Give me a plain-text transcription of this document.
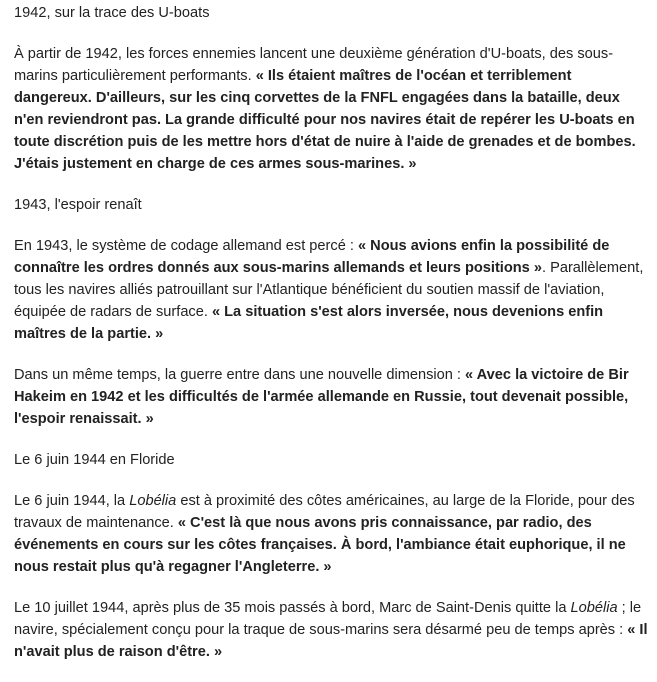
1942, sur la trace des U-boats

À partir de 1942, les forces ennemies lancent une deuxième génération d'U-boats, des sous-marins particulièrement performants. « Ils étaient maîtres de l'océan et terriblement dangereux. D'ailleurs, sur les cinq corvettes de la FNFL engagées dans la bataille, deux n'en reviendront pas. La grande difficulté pour nos navires était de repérer les U-boats en toute discrétion puis de les mettre hors d'état de nuire à l'aide de grenades et de bombes. J'étais justement en charge de ces armes sous-marines. »

1943, l'espoir renaît

En 1943, le système de codage allemand est percé : « Nous avions enfin la possibilité de connaître les ordres donnés aux sous-marins allemands et leurs positions ». Parallèlement, tous les navires alliés patrouillant sur l'Atlantique bénéficient du soutien massif de l'aviation, équipée de radars de surface. « La situation s'est alors inversée, nous devenions enfin maîtres de la partie. »

Dans un même temps, la guerre entre dans une nouvelle dimension : « Avec la victoire de Bir Hakeim en 1942 et les difficultés de l'armée allemande en Russie, tout devenait possible, l'espoir renaissait. »

Le 6 juin 1944 en Floride

Le 6 juin 1944, la Lobélia est à proximité des côtes américaines, au large de la Floride, pour des travaux de maintenance. « C'est là que nous avons pris connaissance, par radio, des événements en cours sur les côtes françaises. À bord, l'ambiance était euphorique, il ne nous restait plus qu'à regagner l'Angleterre. »

Le 10 juillet 1944, après plus de 35 mois passés à bord, Marc de Saint-Denis quitte la Lobélia ; le navire, spécialement conçu pour la traque de sous-marins sera désarmé peu de temps après : « Il n'avait plus de raison d'être. »
